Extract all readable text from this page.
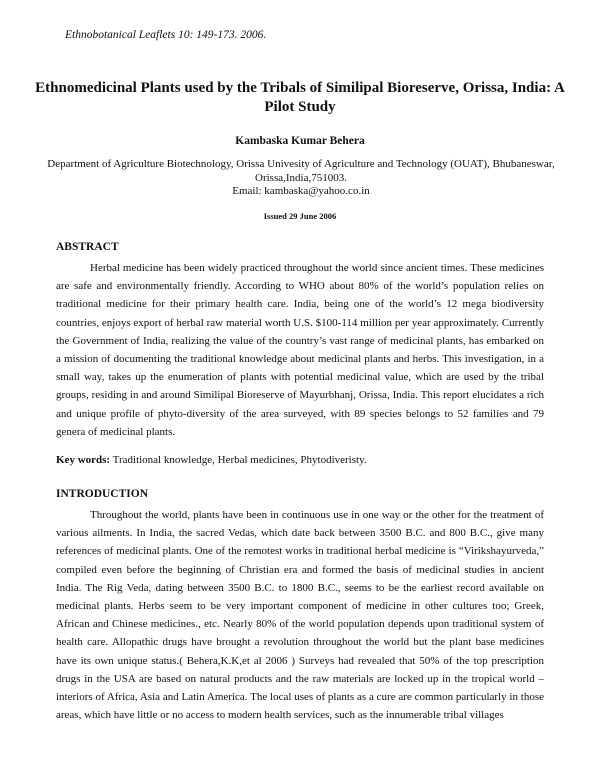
Ethnobotanical Leaflets 10: 149-173. 2006.
Ethnomedicinal Plants used by the Tribals of Similipal Bioreserve, Orissa, India: A Pilot Study
Kambaska Kumar Behera
Department of Agriculture Biotechnology, Orissa Univesity of Agriculture and Technology (OUAT), Bhubaneswar, Orissa,India,751003.
Email: kambaska@yahoo.co.in
Issued 29 June 2006
ABSTRACT

Herbal medicine has been widely practiced throughout the world since ancient times. These medicines are safe and environmentally friendly. According to WHO about 80% of the world’s population relies on traditional medicine for their primary health care. India, being one of the world’s 12 mega biodiversity countries, enjoys export of herbal raw material worth U.S. $100-114 million per year approximately. Currently the Government of India, realizing the value of the country’s vast range of medicinal plants, has embarked on a mission of documenting the traditional knowledge about medicinal plants and herbs. This investigation, in a small way, takes up the enumeration of plants with potential medicinal value, which are used by the tribal groups, residing in and around Similipal Bioreserve of Mayurbhanj, Orissa, India. This report elucidates a rich and unique profile of phyto-diversity of the area surveyed, with 89 species belongs to 52 families and 79 genera of medicinal plants.

Key words: Traditional knowledge, Herbal medicines, Phytodiveristy.
INTRODUCTION

Throughout the world, plants have been in continuous use in one way or the other for the treatment of various ailments. In India, the sacred Vedas, which date back between 3500 B.C. and 800 B.C., give many references of medicinal plants. One of the remotest works in traditional herbal medicine is “Virikshayurveda,” compiled even before the beginning of Christian era and formed the basis of medicinal studies in ancient India. The Rig Veda, dating between 3500 B.C. to 1800 B.C., seems to be the earliest record available on medicinal plants. Herbs seem to be very important component of medicine in other cultures too; Greek, African and Chinese medicines., etc. Nearly 80% of the world population depends upon traditional system of health care. Allopathic drugs have brought a revolution throughout the world but the plant base medicines have its own unique status.( Behera,K.K,et al 2006 ) Surveys had revealed that 50% of the top prescription drugs in the USA are based on natural products and the raw materials are locked up in the tropical world –interiors of Africa, Asia and Latin America. The local uses of plants as a cure are common particularly in those areas, which have little or no access to modern health services, such as the innumerable tribal villages
